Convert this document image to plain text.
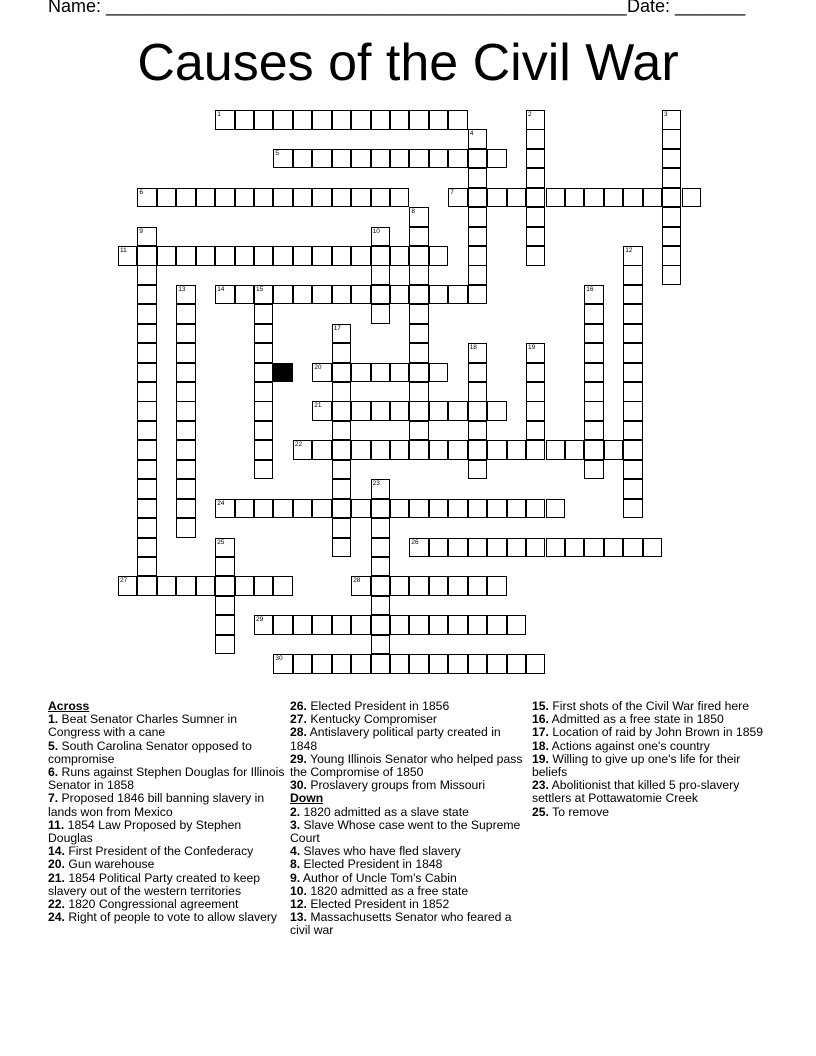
Name: ____________________________________________________ Date: _______
Causes of the Civil War
1
5
6	7
11
14	15
20
21
22
24
26
27	28
29
30
2	3
4
8
9	10
12
13	16
17
18	19
23
25
Across
1. Beat Senator Charles Sumner in Congress with a cane
5. South Carolina Senator opposed to compromise
6. Runs against Stephen Douglas for Illinois Senator in 1858
7. Proposed 1846 bill banning slavery in lands won from Mexico
11. 1854 Law Proposed by Stephen Douglas
14. First President of the Confederacy
20. Gun warehouse
21. 1854 Political Party created to keep slavery out of the western territories
22. 1820 Congressional agreement
24. Right of people to vote to allow slavery
26. Elected President in 1856
27. Kentucky Compromiser
28. Antislavery political party created in 1848
29. Young Illinois Senator who helped pass the Compromise of 1850
30. Proslavery groups from Missouri
Down
2. 1820 admitted as a slave state
3. Slave Whose case went to the Supreme Court
4. Slaves who have fled slavery
8. Elected President in 1848
9. Author of Uncle Tom's Cabin
10. 1820 admitted as a free state
12. Elected President in 1852
13. Massachusetts Senator who feared a civil war
15. First shots of the Civil War fired here
16. Admitted as a free state in 1850
17. Location of raid by John Brown in 1859
18. Actions against one's country
19. Willing to give up one's life for their beliefs
23. Abolitionist that killed 5 pro-slavery settlers at Pottawatomie Creek
25. To remove
